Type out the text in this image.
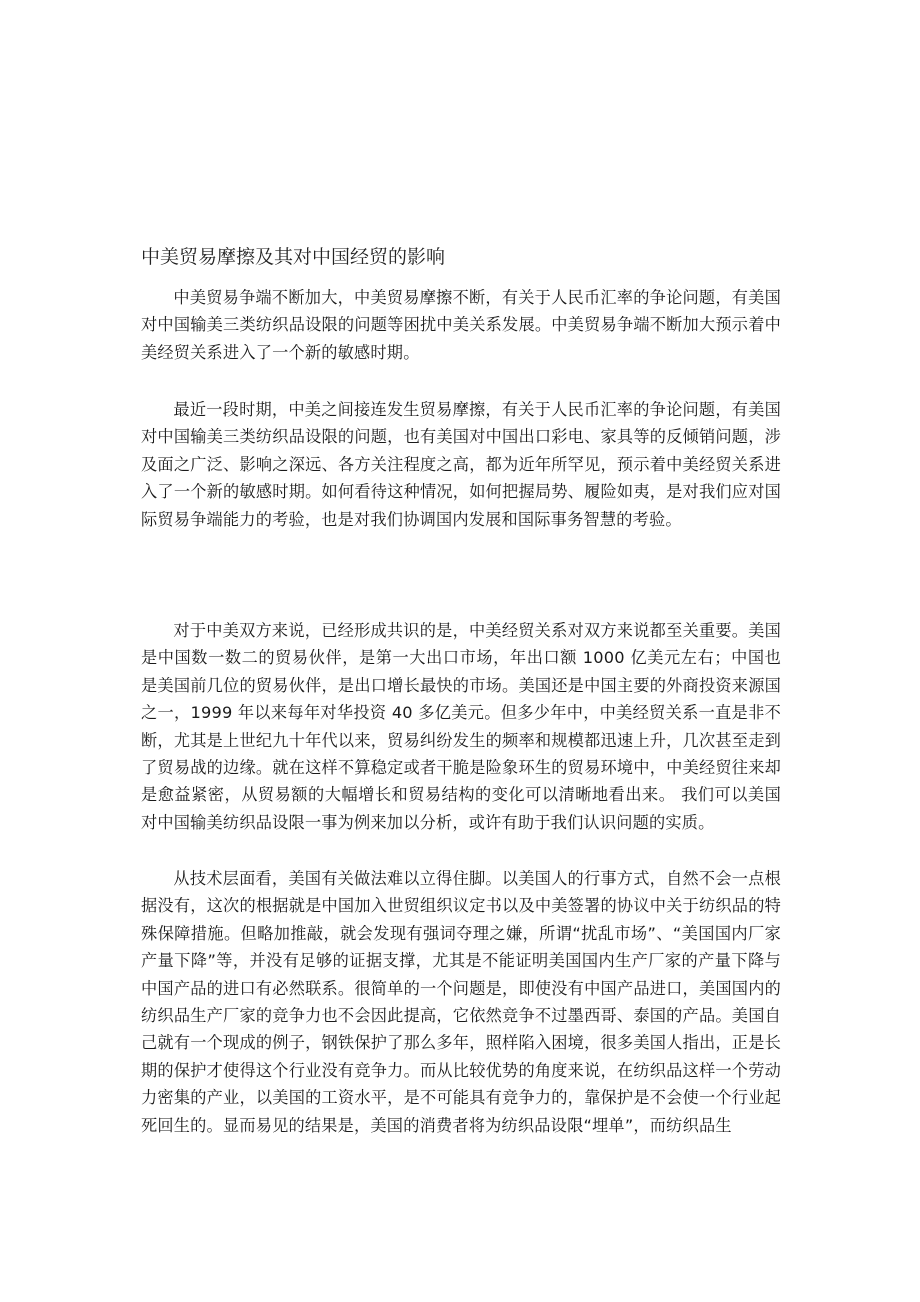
中美贸易摩擦及其对中国经贸的影响

中美贸易争端不断加大，中美贸易摩擦不断，有关于人民币汇率的争论问题，有美国对中国输美三类纺织品设限的问题等困扰中美关系发展。中美贸易争端不断加大预示着中美经贸关系进入了一个新的敏感时期。

最近一段时期，中美之间接连发生贸易摩擦，有关于人民币汇率的争论问题，有美国对中国输美三类纺织品设限的问题，也有美国对中国出口彩电、家具等的反倾销问题，涉及面之广泛、影响之深远、各方关注程度之高，都为近年所罕见，预示着中美经贸关系进入了一个新的敏感时期。如何看待这种情况，如何把握局势、履险如夷，是对我们应对国际贸易争端能力的考验，也是对我们协调国内发展和国际事务智慧的考验。

对于中美双方来说，已经形成共识的是，中美经贸关系对双方来说都至关重要。美国是中国数一数二的贸易伙伴，是第一大出口市场，年出口额 1000 亿美元左右；中国也是美国前几位的贸易伙伴，是出口增长最快的市场。美国还是中国主要的外商投资来源国之一，1999 年以来每年对华投资 40 多亿美元。但多少年中，中美经贸关系一直是非不断，尤其是上世纪九十年代以来，贸易纠纷发生的频率和规模都迅速上升，几次甚至走到了贸易战的边缘。就在这样不算稳定或者干脆是险象环生的贸易环境中，中美经贸往来却是愈益紧密，从贸易额的大幅增长和贸易结构的变化可以清晰地看出来。 我们可以美国对中国输美纺织品设限一事为例来加以分析，或许有助于我们认识问题的实质。

从技术层面看，美国有关做法难以立得住脚。以美国人的行事方式，自然不会一点根据没有，这次的根据就是中国加入世贸组织议定书以及中美签署的协议中关于纺织品的特殊保障措施。但略加推敲，就会发现有强词夺理之嫌，所谓“扰乱市场”、“美国国内厂家产量下降”等，并没有足够的证据支撑，尤其是不能证明美国国内生产厂家的产量下降与中国产品的进口有必然联系。很简单的一个问题是，即使没有中国产品进口，美国国内的纺织品生产厂家的竞争力也不会因此提高，它依然竞争不过墨西哥、泰国的产品。美国自己就有一个现成的例子，钢铁保护了那么多年，照样陷入困境，很多美国人指出，正是长期的保护才使得这个行业没有竞争力。而从比较优势的角度来说，在纺织品这样一个劳动力密集的产业，以美国的工资水平，是不可能具有竞争力的，靠保护是不会使一个行业起死回生的。显而易见的结果是，美国的消费者将为纺织品设限“埋单”，而纺织品生
